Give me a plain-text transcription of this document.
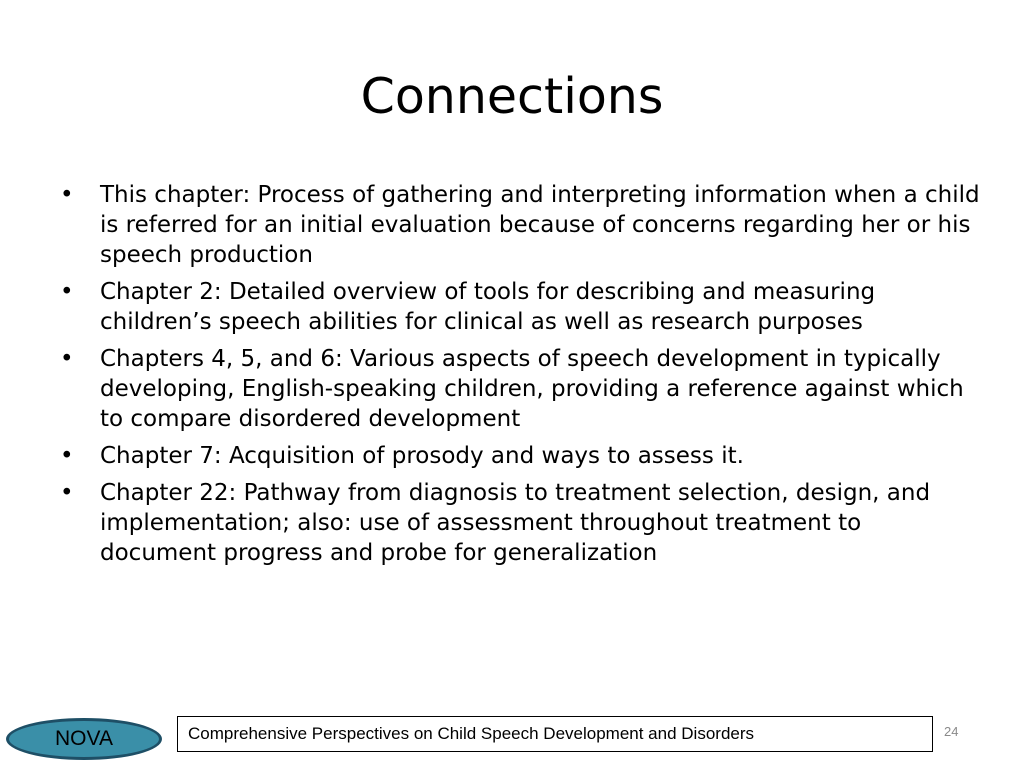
Connections
• This chapter: Process of gathering and interpreting information when a child is referred for an initial evaluation because of concerns regarding her or his speech production
• Chapter 2: Detailed overview of tools for describing and measuring children’s speech abilities for clinical as well as research purposes
• Chapters 4, 5, and 6: Various aspects of speech development in typically developing, English-speaking children, providing a reference against which to compare disordered development
• Chapter 7: Acquisition of prosody and ways to assess it.
• Chapter 22: Pathway from diagnosis to treatment selection, design, and implementation; also: use of assessment throughout treatment to document progress and probe for generalization
NOVA	Comprehensive Perspectives on Child Speech Development and Disorders	24
